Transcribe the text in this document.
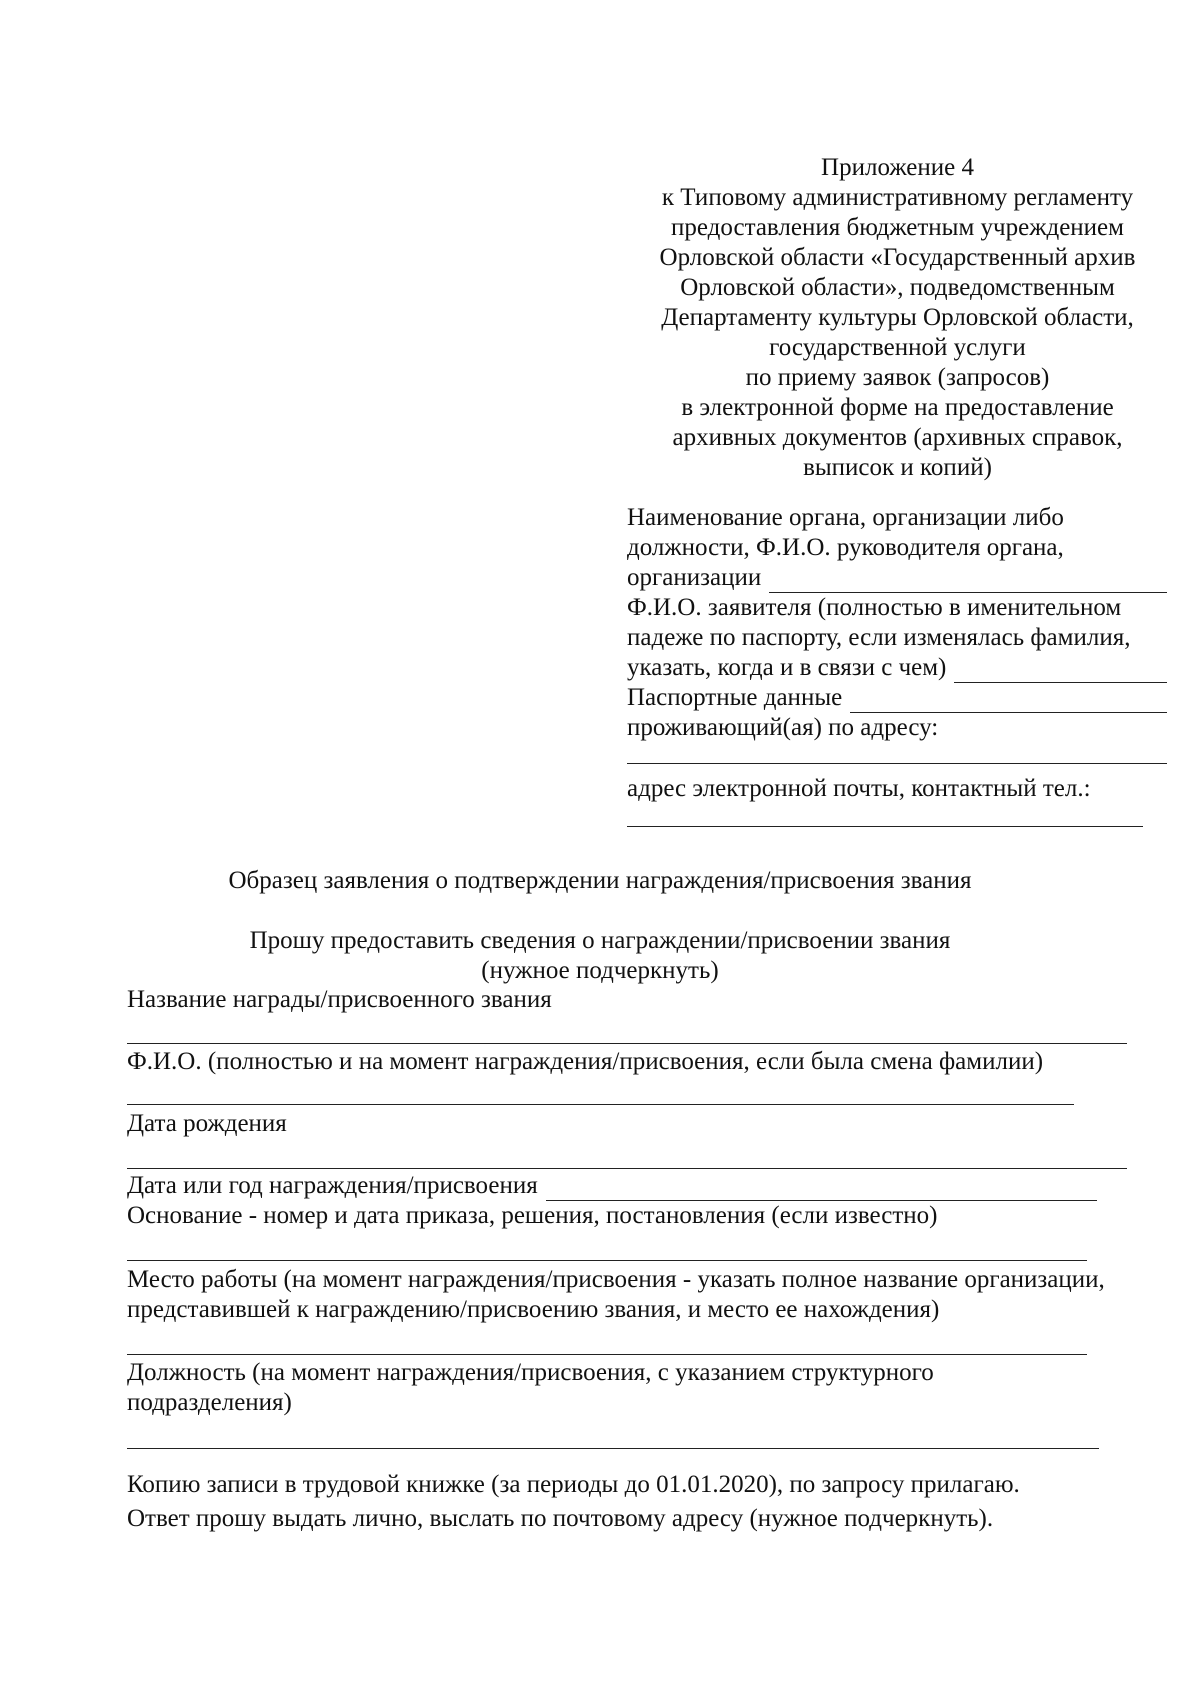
Приложение 4
к Типовому административному регламенту
предоставления бюджетным учреждением
Орловской области «Государственный архив
Орловской области», подведомственным
Департаменту культуры Орловской области,
государственной услуги
по приему заявок (запросов)
в электронной форме на предоставление
архивных документов (архивных справок,
выписок и копий)
Наименование органа, организации либо
должности, Ф.И.О. руководителя органа,
организации
Ф.И.О. заявителя (полностью в именительном
падеже по паспорту, если изменялась фамилия,
указать, когда и в связи с чем)
Паспортные данные
проживающий(ая) по адресу:
адрес электронной почты, контактный тел.:
Образец заявления о подтверждении награждения/присвоения звания
Прошу предоставить сведения о награждении/присвоении звания
(нужное подчеркнуть)
Название награды/присвоенного звания
Ф.И.О. (полностью и на момент награждения/присвоения, если была смена фамилии)
Дата рождения
Дата или год награждения/присвоения
Основание - номер и дата приказа, решения, постановления (если известно)
Место работы (на момент награждения/присвоения - указать полное название организации,
представившей к награждению/присвоению звания, и место ее нахождения)
Должность (на момент награждения/присвоения, с указанием структурного
подразделения)
Копию записи в трудовой книжке (за периоды до 01.01.2020), по запросу прилагаю.
Ответ прошу выдать лично, выслать по почтовому адресу (нужное подчеркнуть).
